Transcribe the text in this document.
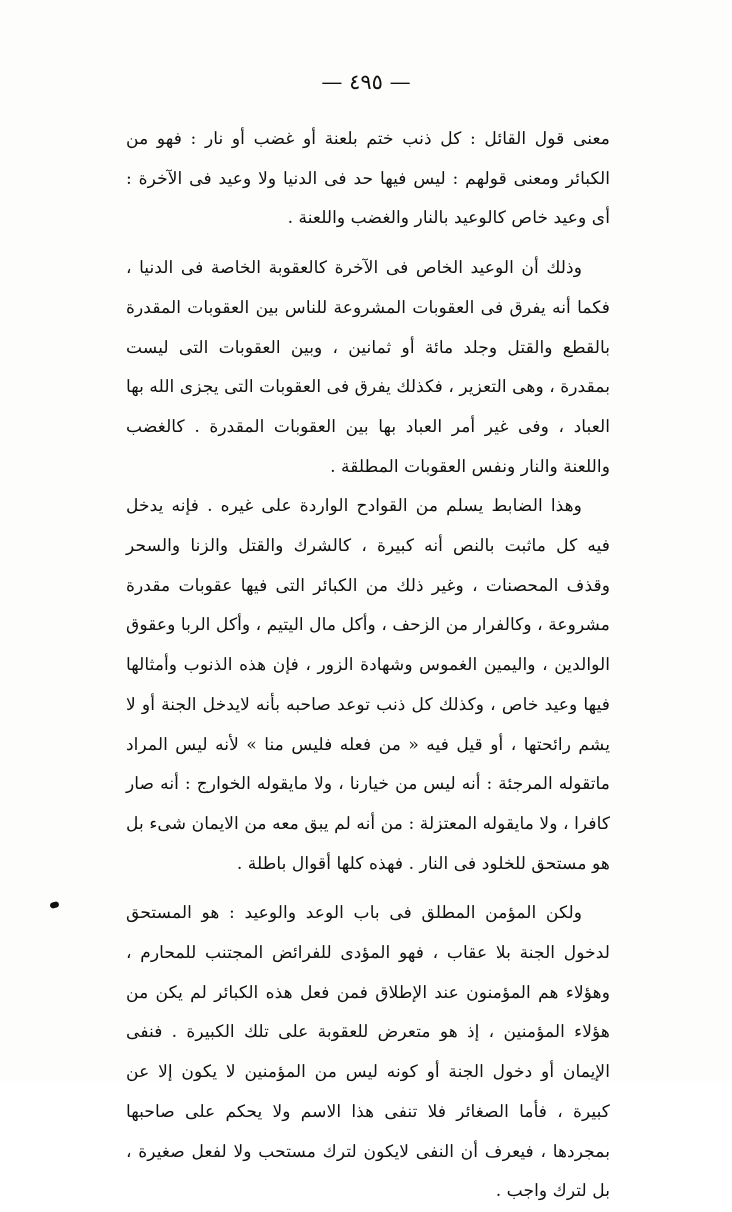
— ٤٩٥ —

معنى قول القائل : كل ذنب ختم بلعنة أو غضب أو نار : فهو من الكبائر ومعنى قولهم : ليس فيها حد فى الدنيا ولا وعيد فى الآخرة : أى وعيد خاص كالوعيد بالنار والغضب واللعنة .

وذلك أن الوعيد الخاص فى الآخرة كالعقوبة الخاصة فى الدنيا ، فكما أنه يفرق فى العقوبات المشروعة للناس بين العقوبات المقدرة بالقطع والقتل وجلد مائة أو ثمانين ، وبين العقوبات التى ليست بمقدرة ، وهى التعزير ، فكذلك يفرق فى العقوبات التى يجزى الله بها العباد ، وفى غير أمر العباد بها بين العقوبات المقدرة . كالغضب واللعنة والنار ونفس العقوبات المطلقة .

وهذا الضابط يسلم من القوادح الواردة على غيره . فإنه يدخل فيه كل ماثبت بالنص أنه كبيرة ، كالشرك والقتل والزنا والسحر وقذف المحصنات ، وغير ذلك من الكبائر التى فيها عقوبات مقدرة مشروعة ، وكالفرار من الزحف ، وأكل مال اليتيم ، وأكل الربا وعقوق الوالدين ، واليمين الغموس وشهادة الزور ، فإن هذه الذنوب وأمثالها فيها وعيد خاص ، وكذلك كل ذنب توعد صاحبه بأنه لايدخل الجنة أو لا يشم رائحتها ، أو قيل فيه « من فعله فليس منا » لأنه ليس المراد ماتقوله المرجئة : أنه ليس من خيارنا ، ولا مايقوله الخوارج : أنه صار كافرا ، ولا مايقوله المعتزلة : من أنه لم يبق معه من الايمان شىء بل هو مستحق للخلود فى النار . فهذه كلها أقوال باطلة .

ولكن المؤمن المطلق فى باب الوعد والوعيد : هو المستحق لدخول الجنة بلا عقاب ، فهو المؤدى للفرائض المجتنب للمحارم ، وهؤلاء هم المؤمنون عند الإطلاق فمن فعل هذه الكبائر لم يكن من هؤلاء المؤمنين ، إذ هو متعرض للعقوبة على تلك الكبيرة . فنفى الإيمان أو دخول الجنة أو كونه ليس من المؤمنين لا يكون إلا عن كبيرة ، فأما الصغائر فلا تنفى هذا الاسم ولا يحكم على صاحبها بمجردها ، فيعرف أن النفى لايكون لترك مستحب ولا لفعل صغيرة ، بل لترك واجب .
